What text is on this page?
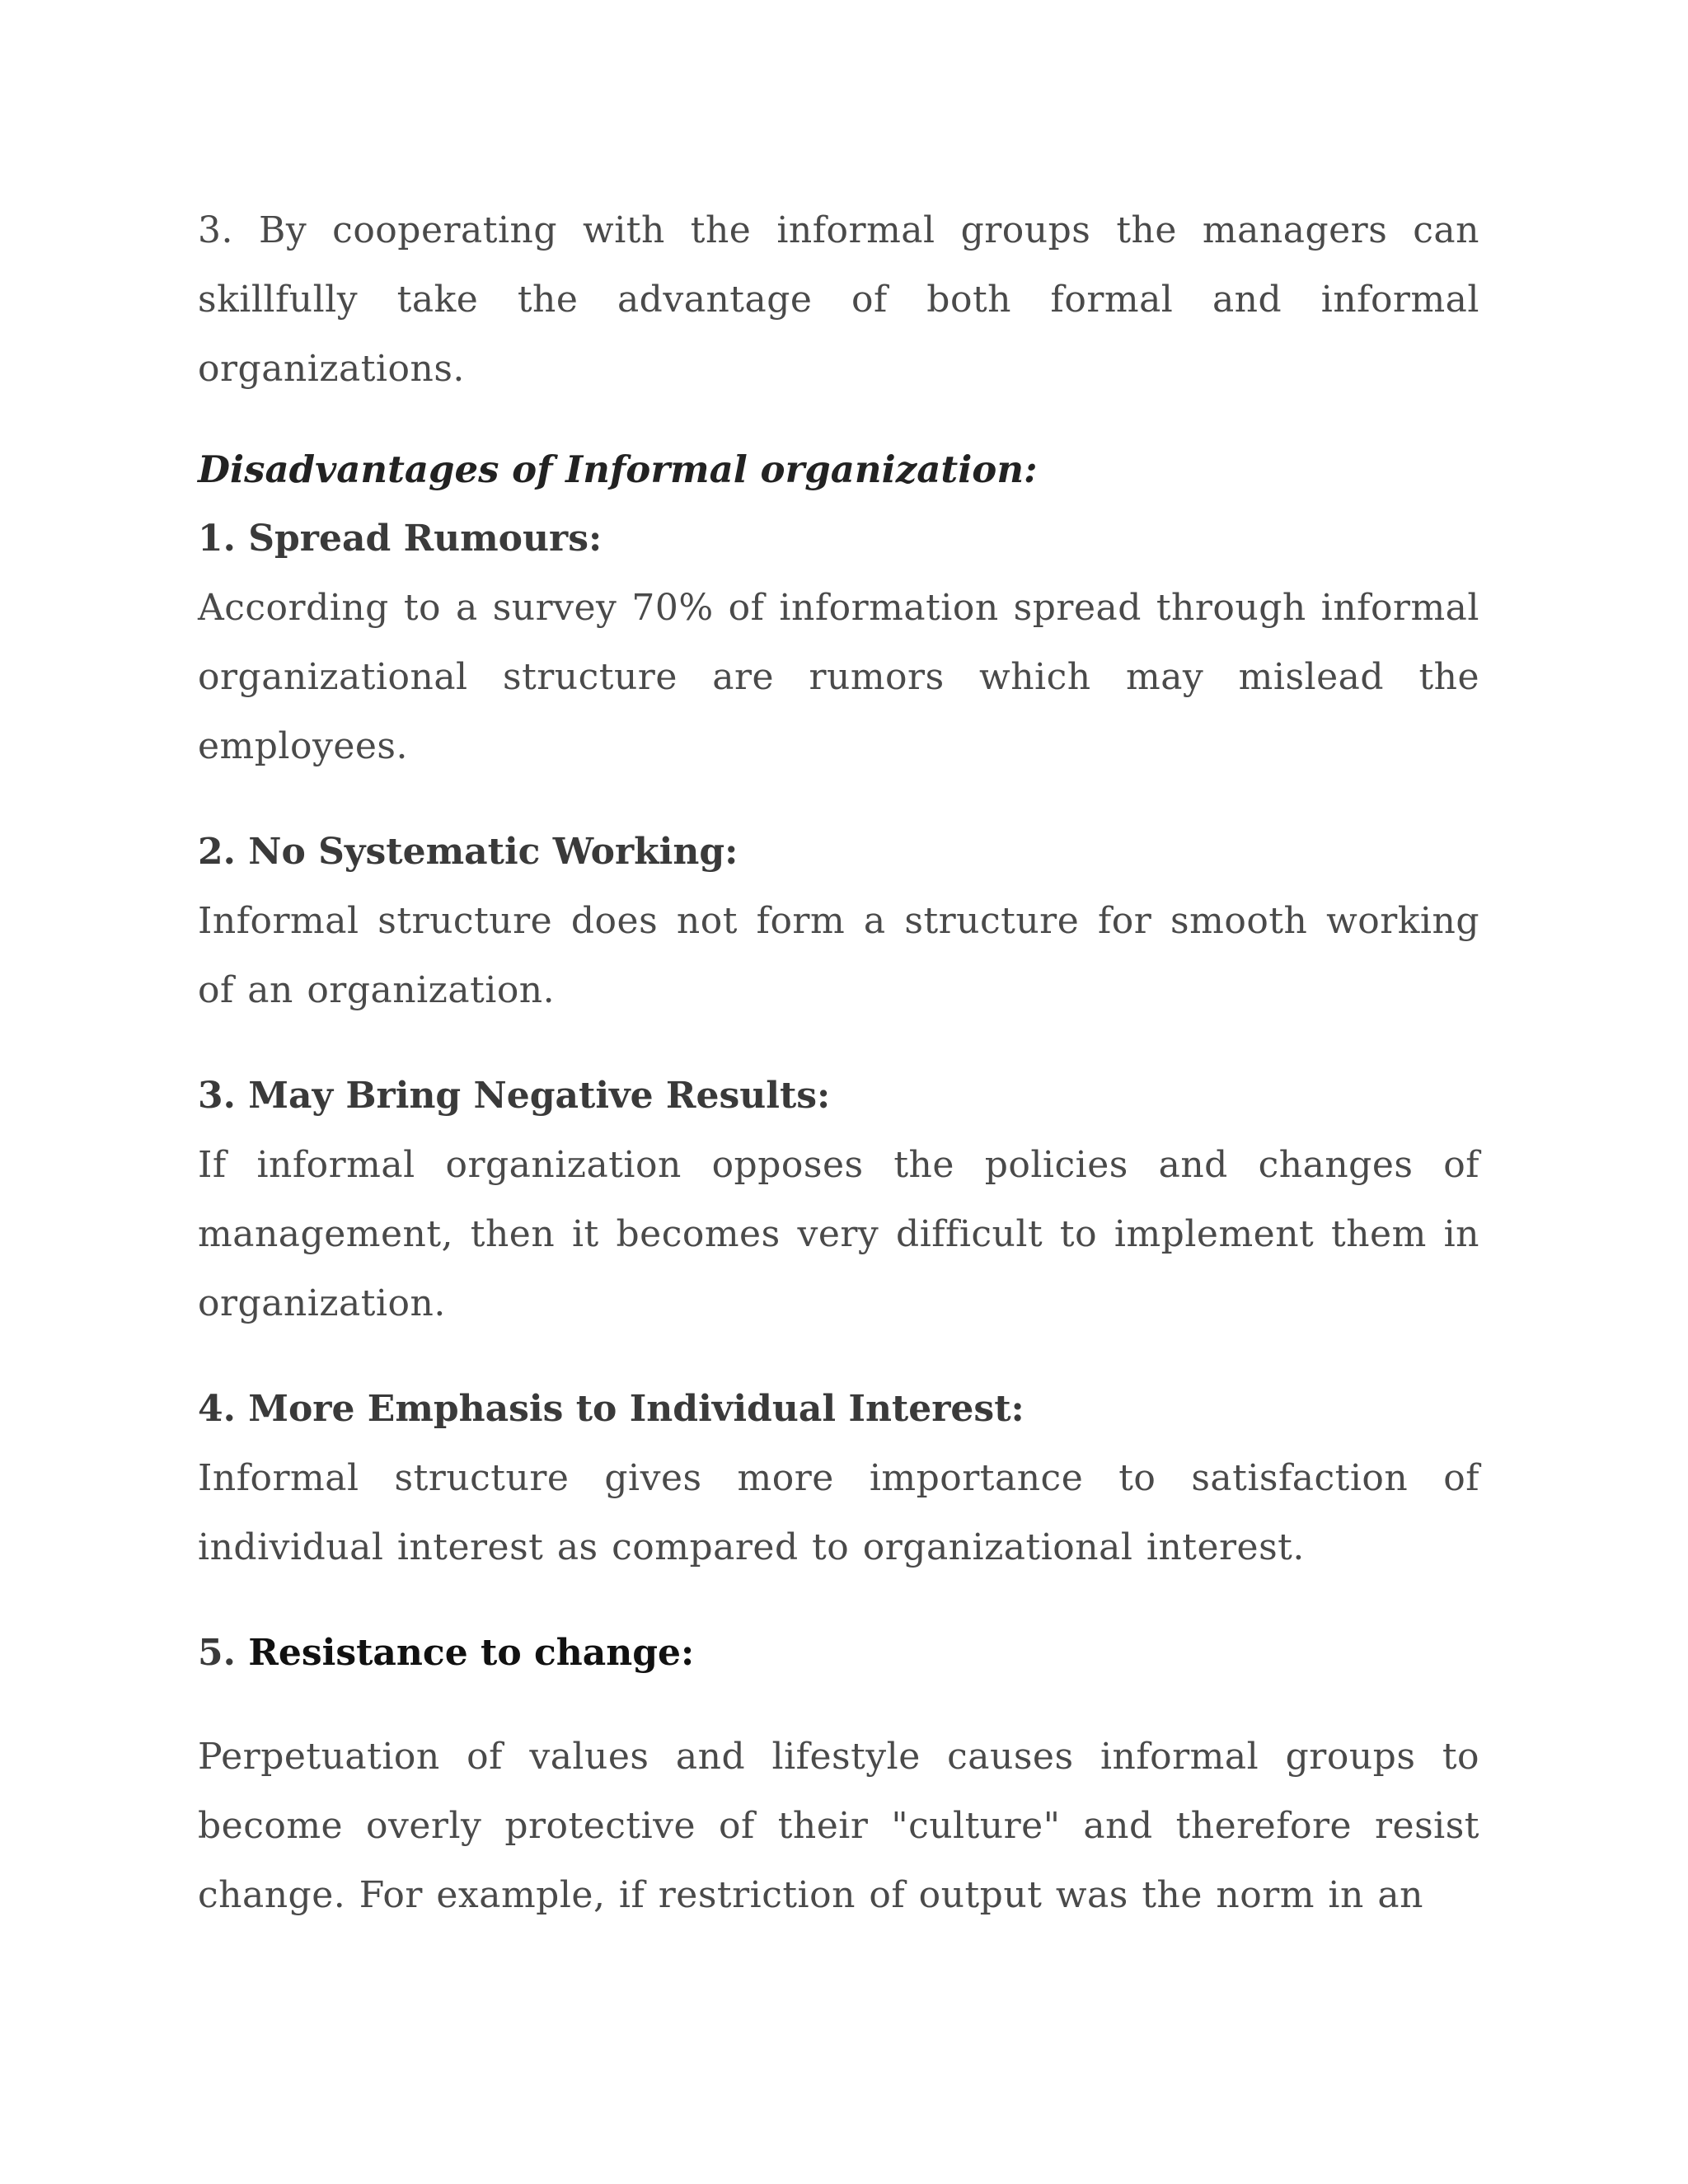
3. By cooperating with the informal groups the managers can skillfully take the advantage of both formal and informal organizations.

Disadvantages of Informal organization:

1. Spread Rumours:

According to a survey 70% of information spread through informal organizational structure are rumors which may mislead the employees.

2. No Systematic Working:

Informal structure does not form a structure for smooth working of an organization.

3. May Bring Negative Results:

If informal organization opposes the policies and changes of management, then it becomes very difficult to implement them in organization.

4. More Emphasis to Individual Interest:

Informal structure gives more importance to satisfaction of individual interest as compared to organizational interest.

5. Resistance to change:

Perpetuation of values and lifestyle causes informal groups to become overly protective of their "culture" and therefore resist change. For example, if restriction of output was the norm in an
